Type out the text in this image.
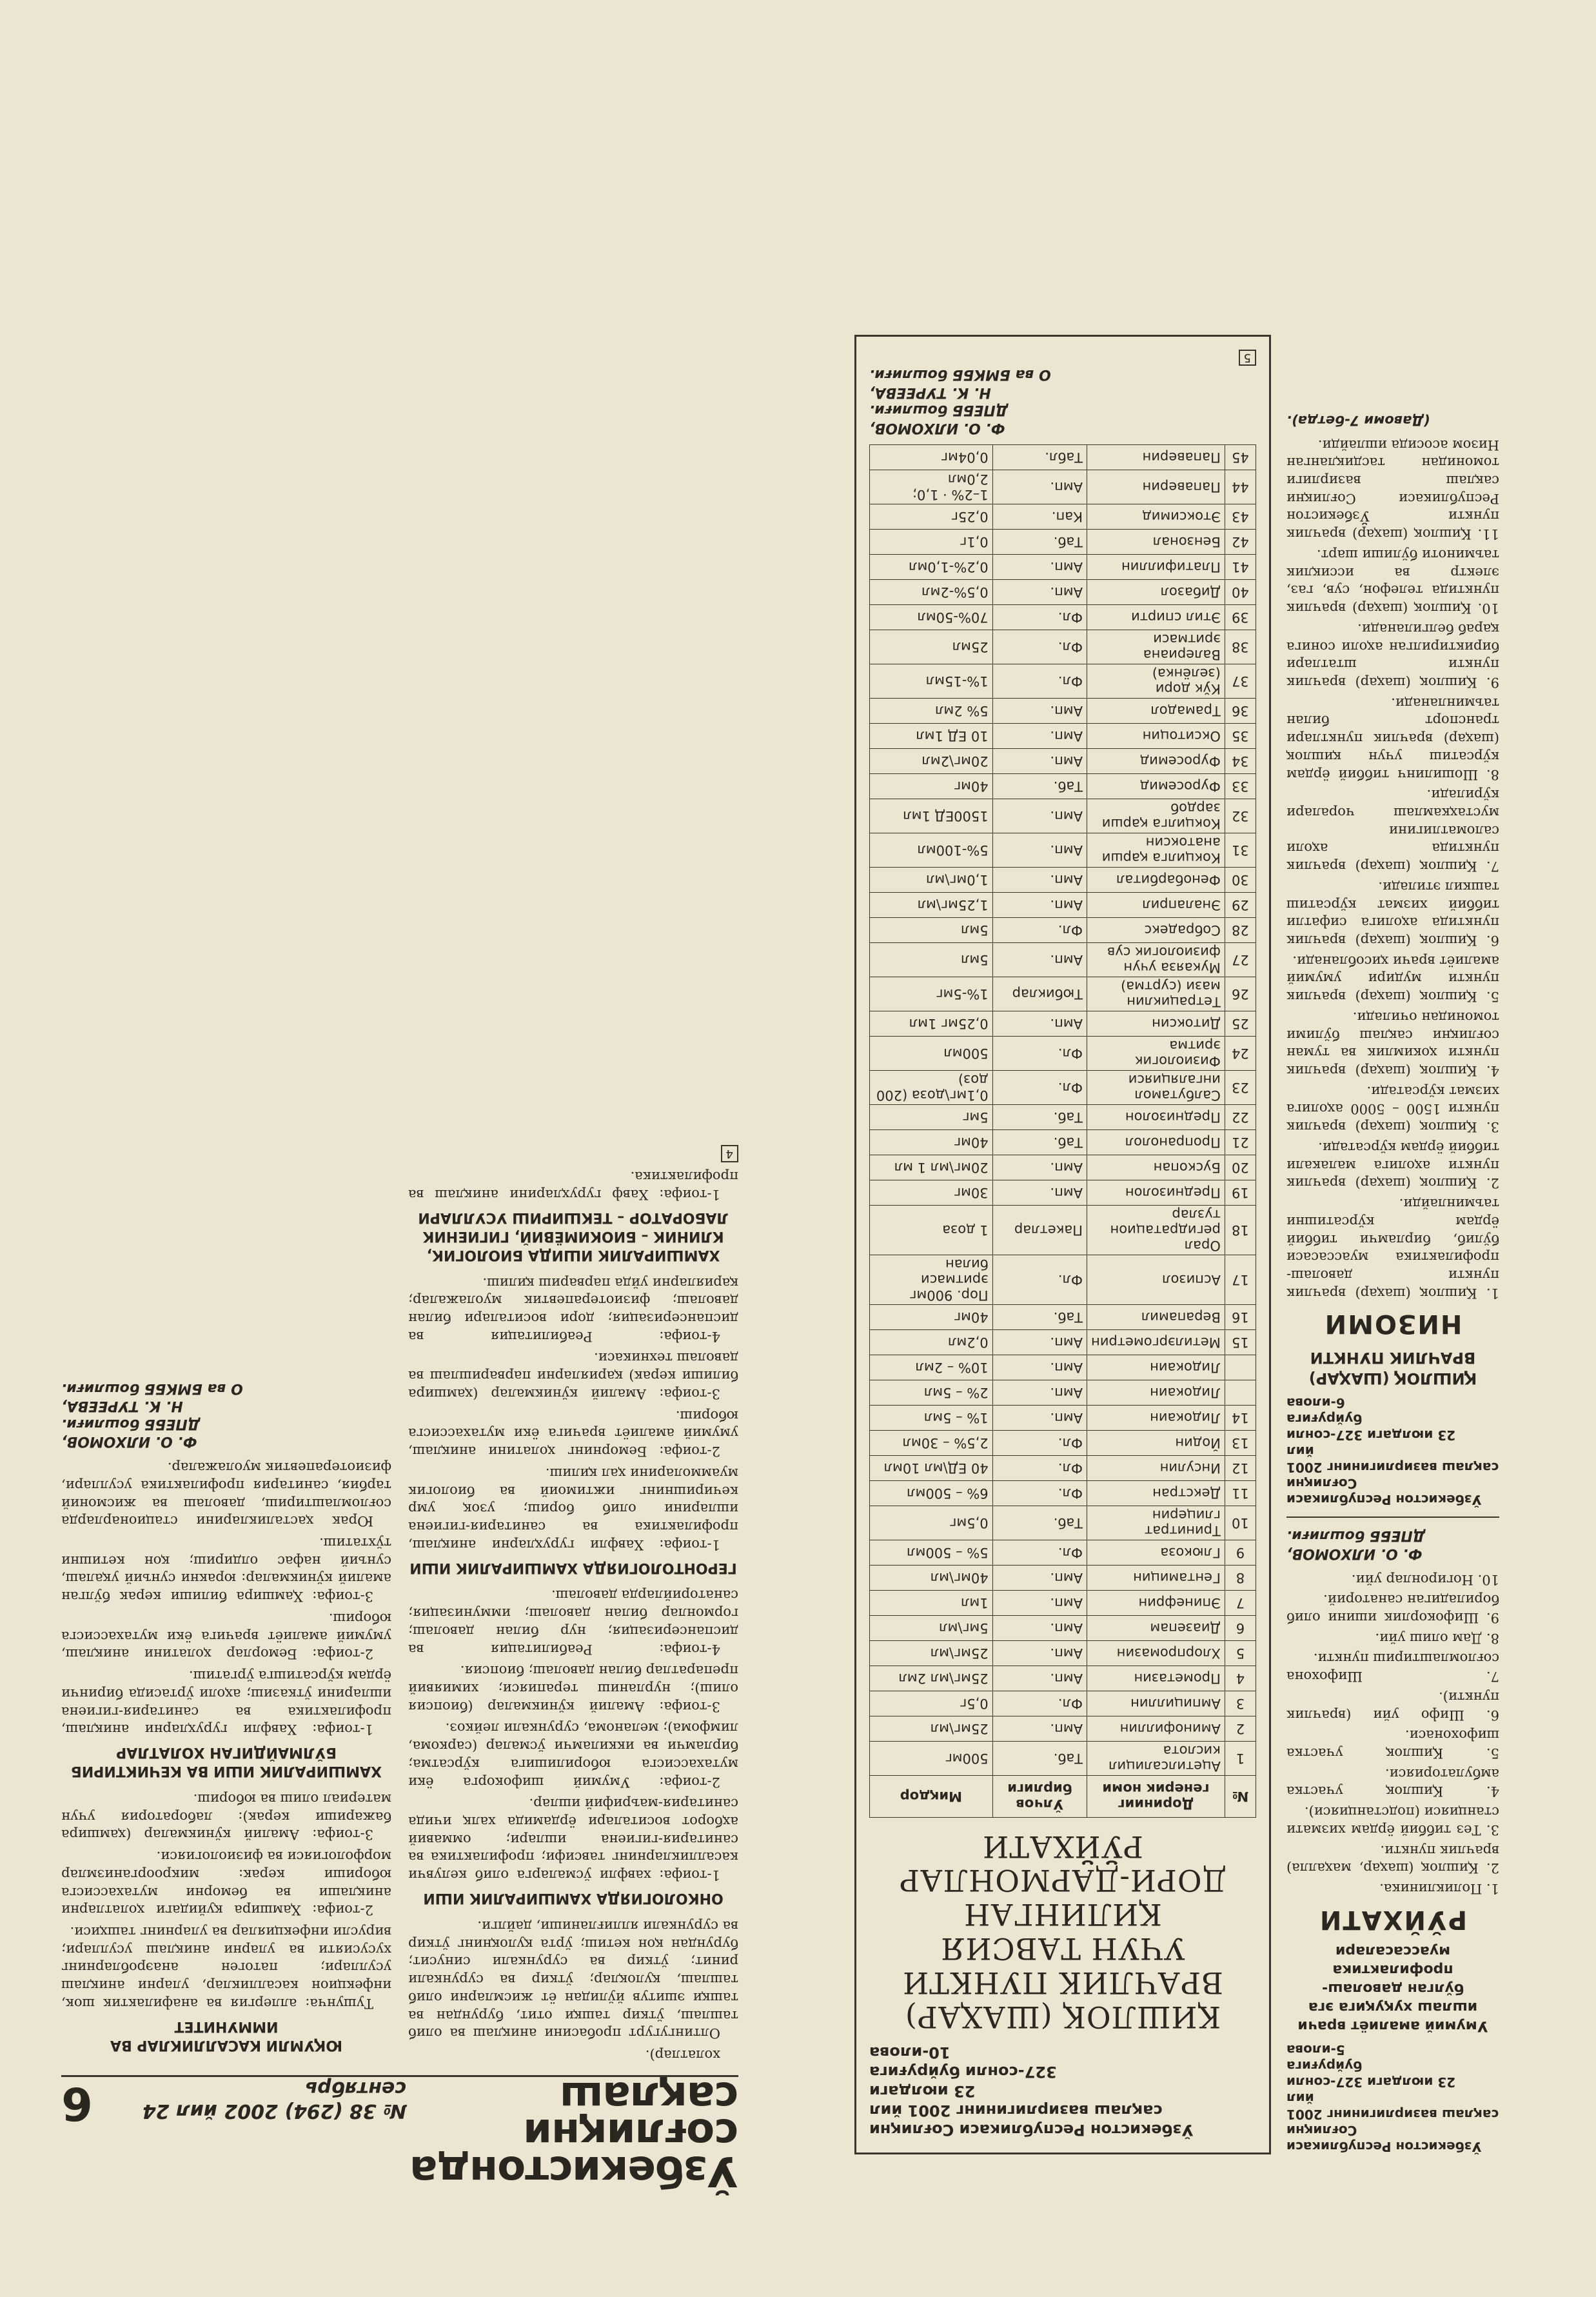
Ўзбекистонда
соғлиқни сақлаш
№ 38 (294) 2002 йил 24 сентябрь
6

холатлар).

Олтингугурт пробасини аниқлаш ва олиб ташлаш, ўткир ташқи отит, бурундан ва ташқи эшитув йўлидан ёт жисмларни олиб ташлаш, қулоқлар; ўткир ва сурункали ринит; ўткир ва сурункали синусит; бурундан қон кетиш; ўрта қулоқнинг ўткир ва сурункали яллиғланиши, дайлги.

ОНКОЛОГИЯДА ХАМШИРАЛИК ИШИ

1-тоифа: хавфли ўсмаларга олиб келувчи касалликларнинг тавсифи; профилактика ва санитария-гигиена ишлари; оммавий аҳборот воситалари ёрдамида халқ ичида санитария-маърифий ишлар.

2-тоифа: Умумий шифокорга ёки мутахассисга юборилишига кўрсатма; бирламчи ва иккиламчи ўсмалар (саркома, лимфома); меланома, сурункали лейкоз.

3-тоифа: Амалий кўникмалар (биопсия олиш); нурланиш терапияси; химиявий препаратлар билан даволаш; биопсия.

4-тоифа: Реабилитация ва диспансеризация; нур билан даволаш; гормонлар билан даволаш; иммунизация; санаторийларда даволаш.

ГЕРОНТОЛОГИЯДА ХАМШИРАЛИК ИШИ

1-тоифа: Хавфли гуруҳларни аниқлаш, профилактика ва санитария-гигиена ишларини олиб бориш; узоқ умр кечиришнинг ижтимоий ва биологик муаммоларини ҳал қилиш.

2-тоифа: Беморнинг ҳолатини аниқлаш, умумий амалиёт врачига ёки мутахассисга юбориш.

3-тоифа: Амалий кўникмалар (ҳамшира билиши керак) қарияларни парваришлаш ва даволаш техникаси.

4-тоифа: Реабилитация ва диспансеризация; дори воситалари билан даволаш; физиотерапевтик муолажалар; қарияларни уйда парвариш қилиш.

ХАМШИРАЛИК ИШИДА БИОЛОГИК, КЛИНИК – БИОКИМЁВИЙ, ГИГИЕНИК ЛАБОРАТОР – ТЕКШИРИШ УСУЛЛАРИ

1-тоифа: Хавф гуруҳларини аниқлаш ва профилактика.

4
ЮҚУМЛИ КАСАЛЛИКЛАР ВА ИММУНИТЕТ

Тушунча: аллергия ва анафилактик шок, инфекцион касалликлар, уларни аниқлаш усуллари; патоген анаэробларнинг хусусияти ва уларни аниқлаш усуллари; вирусли инфекциялар ва уларнинг ташҳиси.

2-тоифа: Ҳамшира қуйидаги ҳолатларни аниқлаши ва беморни мутахассисга юбориши керак: микроорганизмлар морфологияси ва физиологияси.

3-тоифа: Амалий кўникмалар (ҳамшира бажариши керак): лаборатория учун материал олиш ва юбориш.

ХАМШИРАЛИК ИШИ ВА КЕЧИКТИРИБ БЎЛМАЙДИГАН ХОЛАТЛАР

1-тоифа: Хавфли гуруҳларни аниқлаш, профилактика ва санитария-гигиена ишларини ўтказиш; аҳоли ўртасида биринчи ёрдам кўрсатишга ўргатиш.

2-тоифа: Беморлар ҳолатини аниқлаш, умумий амалиёт врачига ёки мутахассисга юбориш.

3-тоифа: Ҳамшира билиши керак бўлган амалий кўникмалар: юракни сунъий уқалаш, сунъий нафас олдириш; қон кетишни тўхтатиш.

Юрак ҳасталикларини стационарларда соғломлаштириш, даволаш ва жисмоний тарбия, санитария профилактика усуллари, физиотерапевтик муолажалар.

Ф. О. ИЛХОМОВ,
ДПЕББ бошлиғи.
Н. К. ТУРЕЕВА,
О ва БМКББ бошлиғи.
Ўзбекистон Республикаси Соғлиқни
сақлаш вазирлигининг 2001 йил
23 июлдаги 327-сонли буйруғига
5-илова
Умумий амалиёт врачи ишлаш хуқуқига эга бўлган даволаш-профилактика муассасалари
РЎЙХАТИ

1. Поликлиника.

2. Қишлоқ (шаҳар, маҳалла) врачлик пункти.

3. Тез тиббий ёрдам хизмати станцияси (подстанцияси).

4. Қишлоқ участка амбулаторияси.

5. Қишлоқ участка шифохонаси.

6. Шифо уйи (врачлик пункти).

7. Шифохона соғломлаштириш пункти.

8. Дам олиш уйи.

9. Шифокорлик ишини олиб бориладиган санаторий.

10. Ногиронлар уйи.

Ф. О. ИЛХОМОВ,
ДПЕББ бошлиғи.
Ўзбекистон Республикаси Соғлиқни
сақлаш вазирлигининг 2001 йил
23 июлдаги 327-сонли буйруғига
6-илова
ҚИШЛОҚ (ШАҲАР) ВРАЧЛИК ПУНКТИ
НИЗОМИ

1. Қишлоқ (шаҳар) врачлик пункти даволаш-профилактика муассасаси бўлиб, бирламчи тиббий ёрдам кўрсатишни таъминлайди.

2. Қишлоқ (шаҳар) врачлик пункти аҳолига малакали тиббий ёрдам кўрсатади.

3. Қишлоқ (шаҳар) врачлик пункти 1500 – 5000 аҳолига хизмат кўрсатади.

4. Қишлоқ (шаҳар) врачлик пункти ҳокимлик ва туман соғлиқни сақлаш бўлими томонидан очилади.

5. Қишлоқ (шаҳар) врачлик пункти мудири умумий амалиёт врачи ҳисобланади.

6. Қишлоқ (шаҳар) врачлик пунктида аҳолига сифатли тиббий хизмат кўрсатиш ташкил этилади.

7. Қишлоқ (шаҳар) врачлик пунктида аҳоли саломатлигини мустаҳкамлаш чоралари кўрилади.

8. Шошилинч тиббий ёрдам кўрсатиш учун қишлоқ (шаҳар) врачлик пунктлари транспорт билан таъминланади.

9. Қишлоқ (шаҳар) врачлик пункти штатлари бириктирилган аҳоли сонига қараб белгиланади.

10. Қишлоқ (шаҳар) врачлик пунктида телефон, сув, газ, электр ва иссиқлик таъминоти бўлиши шарт.

11. Қишлоқ (шаҳар) врачлик пункти Ўзбекистон Республикаси Соғлиқни сақлаш вазирлиги томонидан тасдиқланган Низом асосида ишлайди.

(Давоми 7-бетда).
Ўзбекистон Республикаси Соғлиқни
сақлаш вазирлигининг 2001 йил
23 июлдаги
327-сонли буйруғига
10-илова
ҚИШЛОҚ (ШАҲАР) ВРАЧЛИК ПУНКТИ
УЧУН ТАВСИЯ ҚИЛИНГАН
ДОРИ-ДАРМОНЛАР РЎЙХАТИ
№	Доринииг генерик номи	Ўлчов бирлиги	Миқдор
1	Ацетилсалицил кислота	Таб.	500мг
2	Аминофиллин	Амп.	25мг\мл
3	Ампициллин	Фл.	0,5г
4	Прометазин	Амп.	25мг\мл 2мл
5	Хлорпромазин	Амп.	25мг\мл
6	Диазепам	Амп.	5мг\мл
7	Эпинефрин	Амп.	1мл
8	Гентамицин	Амп.	40мг\мл
9	Глюкоза	Фл.	5% – 500мл
10	Тринитрат глицерин	Таб.	0,5мг
11	Декстран	Фл.	6% – 500мл
12	Инсулин	Фл.	40 ЕД\мл 10мл
13	Йодин	Фл.	2,5% – 30мл
14	Лидокаин	Амп.	1% – 5мл
	Лидокаин	Амп.	2% – 5мл
	Лидокаин	Амп.	10% – 2мл
15	Метилэргометрин	Амп.	0,2мл
16	Верапамил	Таб.	40мг
17	Аспизол	Фл.	Пор. 900мг эритмаси билан
18	Орал регидратацион тузлар	Пакетлар	1 доза
19	Преднизолон	Амп.	30мг
20	Бускопан	Амп.	20мг\мл 1 мл
21	Пропранолол	Таб.	40мг
22	Преднизолон	Таб.	5мг
23	Салбутамол ингаляцияси	Фл.	0,1мг\доза (200 доз)
24	Физиологик эритма	Фл.	500мл
25	Дитоксин	Амп.	0,25мг 1мл
26	Тетрациклин мази (суртма)	Тюбиклар	1%-5мг
27	Мукаяза учун физиологик сув	Амп.	5мл
28	Собрадекс	Фл.	5мл
29	Эналаприл	Амп.	1,25мг\мл
30	Фенобарбитал	Амп.	1,0мг\мл
31	Кокцилга қарши анатоксин	Амп.	5%-100мл
32	Кокцилга қарши зардоб	Амп.	1500ЕД 1мл
33	Фуросемид	Таб.	40мг
34	Фуросемид	Амп.	20мг\2мл
35	Окситоцин	Амп.	10 ЕД 1мл
36	Трамадол	Амп.	5% 2мл
37	Кўк дори (зелёнка)	Фл.	1%-15мл
38	Валериана эритмаси	Фл.	25мл
39	Этил спирти	Фл.	70%-50мл
40	Дибазол	Амп.	0,5%-2мл
41	Платифиллин	Амп.	0,2%-1,0мл
42	Бензонал	Таб.	0,1г
43	Этоксимид	Кап.	0,25г
44	Папаверин	Амп.	1–2% · 1,0; 2,0мл
45	Папаверин	Табл.	0,04мг
Ф. О. ИЛХОМОВ,
ДПЕББ бошлиғи.
Н. К. ТУРЕЕВА,
О ва БМКББ бошлиғи.
5
